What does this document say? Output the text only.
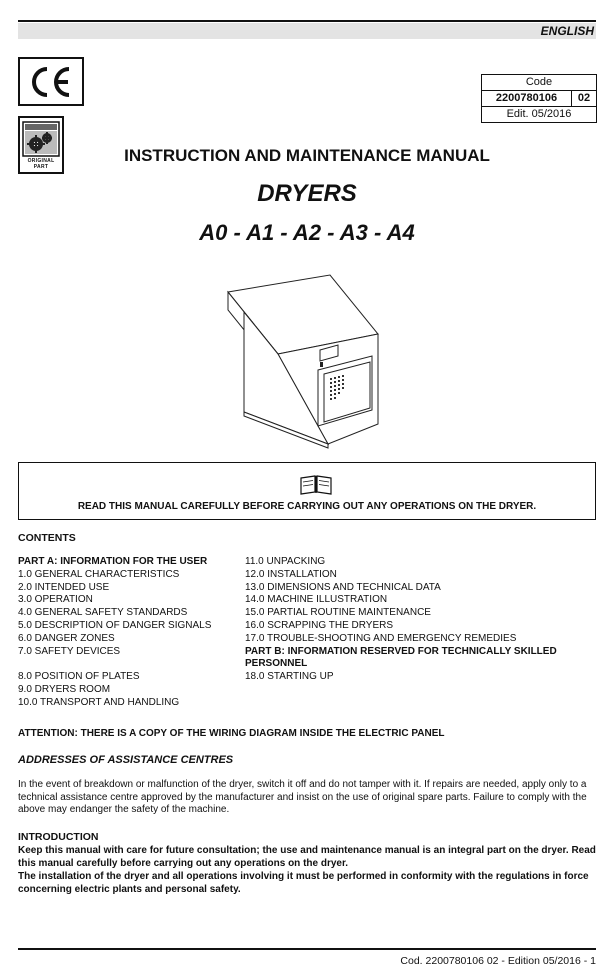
ENGLISH
ORIGINAL PART
Code
2200780106	02
Edit. 05/2016
INSTRUCTION AND MAINTENANCE MANUAL
DRYERS
A0 - A1 - A2 - A3 - A4
READ THIS MANUAL CAREFULLY BEFORE CARRYING OUT ANY OPERATIONS ON THE DRYER.
CONTENTS
PART A: INFORMATION FOR THE USER
1.0 GENERAL CHARACTERISTICS
2.0 INTENDED USE
3.0 OPERATION
4.0 GENERAL SAFETY STANDARDS
5.0 DESCRIPTION OF DANGER SIGNALS
6.0 DANGER ZONES
7.0 SAFETY DEVICES
8.0 POSITION OF PLATES
9.0 DRYERS ROOM
10.0 TRANSPORT AND HANDLING
11.0 UNPACKING
12.0 INSTALLATION
13.0 DIMENSIONS AND TECHNICAL DATA
14.0 MACHINE ILLUSTRATION
15.0 PARTIAL ROUTINE MAINTENANCE
16.0 SCRAPPING THE DRYERS
17.0 TROUBLE-SHOOTING AND EMERGENCY REMEDIES
PART B: INFORMATION RESERVED FOR TECHNICALLY SKILLED PERSONNEL
18.0 STARTING UP
ATTENTION: THERE IS A COPY OF THE WIRING DIAGRAM INSIDE THE ELECTRIC PANEL
ADDRESSES OF ASSISTANCE CENTRES
In the event of breakdown or malfunction of the dryer, switch it off and do not tamper with it. If repairs are needed, apply only to a technical assistance centre approved by the manufacturer and insist on the use of original spare parts. Failure to comply with the above may endanger the safety of the machine.
INTRODUCTION
Keep this manual with care for future consultation; the use and maintenance manual is an integral part on the dryer. Read this manual carefully before carrying out any operations on the dryer.
The installation of the dryer and all operations involving it must be performed in conformity with the regulations in force concerning electric plants and personal safety.
Cod. 2200780106 02 - Edition 05/2016 - 1
